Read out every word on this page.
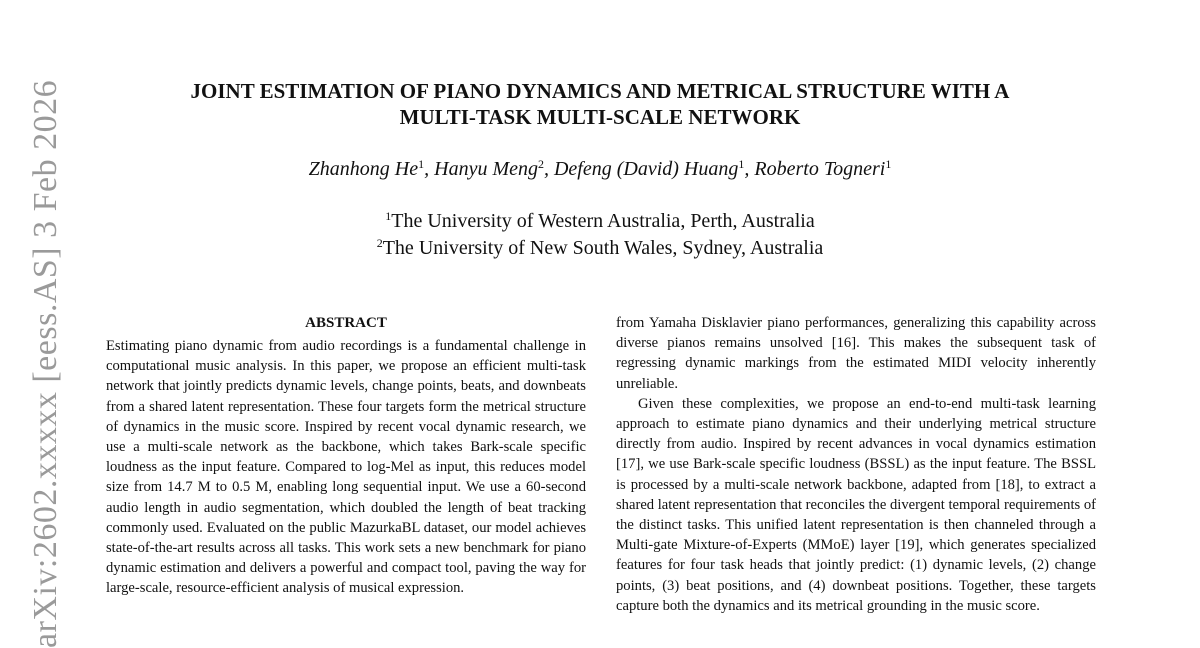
arXiv:2602.xxxxx [eess.AS] 3 Feb 2026	JOINT ESTIMATION OF PIANO DYNAMICS AND METRICAL STRUCTURE WITH A
MULTI-TASK MULTI-SCALE NETWORK
Zhanhong He$^1$, Hanyu Meng$^2$, Defeng (David) Huang$^1$, Roberto Togneri$^1$
$^1$The University of Western Australia, Perth, Australia
$^2$The University of New South Wales, Sydney, Australia
ABSTRACT

Estimating piano dynamic from audio recordings is a fundamental challenge in computational music analysis. In this paper, we propose an efficient multi-task network that jointly predicts dynamic levels, change points, beats, and downbeats from a shared latent representation. These four targets form the metrical structure of dynamics in the music score. Inspired by recent vocal dynamic research, we use a multi-scale network as the backbone, which takes Bark-scale specific loudness as the input feature. Compared to log-Mel as input, this reduces model size from 14.7 M to 0.5 M, enabling long sequential input. We use a 60-second audio length in audio segmentation, which doubled the length of beat tracking commonly used. Evaluated on the public MazurkaBL dataset, our model achieves state-of-the-art results across all tasks. This work sets a new benchmark for piano dynamic estimation and delivers a powerful and compact tool, paving the way for large-scale, resource-efficient analysis of musical expression.

from Yamaha Disklavier piano performances, generalizing this capability across diverse pianos remains unsolved [16]. This makes the subsequent task of regressing dynamic markings from the estimated MIDI velocity inherently unreliable.

Given these complexities, we propose an end-to-end multi-task learning approach to estimate piano dynamics and their underlying metrical structure directly from audio. Inspired by recent advances in vocal dynamics estimation [17], we use Bark-scale specific loudness (BSSL) as the input feature. The BSSL is processed by a multi-scale network backbone, adapted from [18], to extract a shared latent representation that reconciles the divergent temporal requirements of the distinct tasks. This unified latent representation is then channeled through a Multi-gate Mixture-of-Experts (MMoE) layer [19], which generates specialized features for four task heads that jointly predict: (1) dynamic levels, (2) change points, (3) beat positions, and (4) downbeat positions. Together, these targets capture both the dynamics and its metrical grounding in the music score.
